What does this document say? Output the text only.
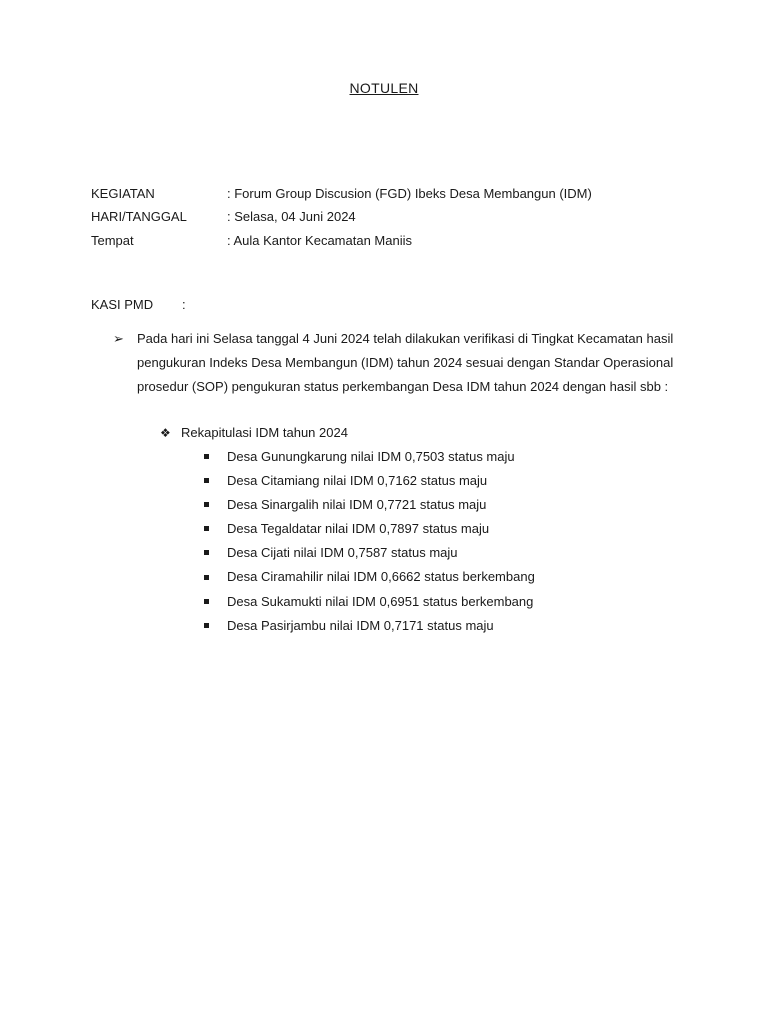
NOTULEN
KEGIATAN	: Forum Group Discusion (FGD) Ibeks Desa Membangun (IDM)
HARI/TANGGAL	: Selasa, 04 Juni 2024
Tempat	: Aula Kantor Kecamatan Maniis
KASI PMD :
➢ Pada hari ini Selasa tanggal 4 Juni 2024 telah dilakukan verifikasi di Tingkat Kecamatan hasil pengukuran Indeks Desa Membangun (IDM) tahun 2024 sesuai dengan Standar Operasional prosedur (SOP) pengukuran status perkembangan Desa IDM tahun 2024 dengan hasil sbb :
❖ Rekapitulasi IDM tahun 2024
Desa Gunungkarung nilai IDM 0,7503 status maju
Desa Citamiang nilai IDM 0,7162 status maju
Desa Sinargalih nilai IDM 0,7721 status maju
Desa Tegaldatar nilai IDM 0,7897 status maju
Desa Cijati nilai IDM 0,7587 status maju
Desa Ciramahilir nilai IDM 0,6662 status berkembang
Desa Sukamukti nilai IDM 0,6951 status berkembang
Desa Pasirjambu nilai IDM 0,7171 status maju
